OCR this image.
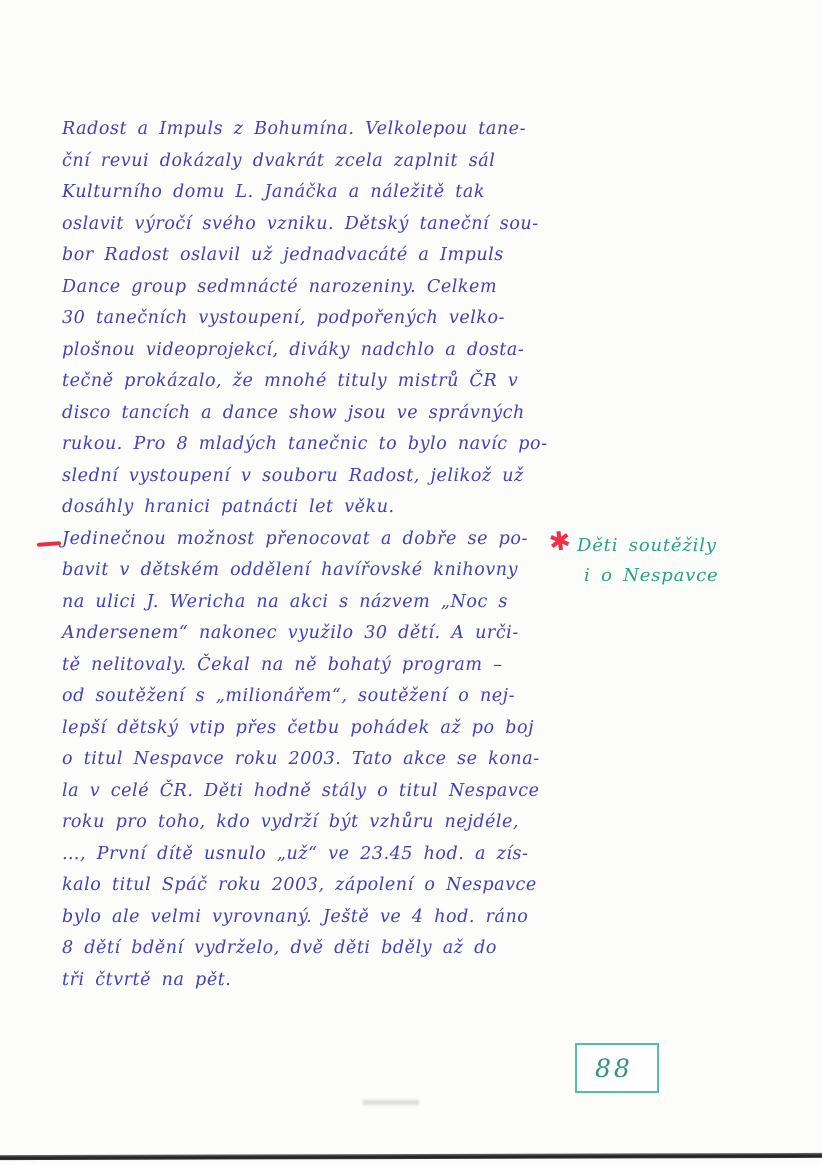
Radost a Impuls z Bohumína. Velkolepou tane-
ční revui dokázaly dvakrát zcela zaplnit sál
Kulturního domu L. Janáčka a náležitě tak
oslavit výročí svého vzniku. Dětský taneční sou-
bor Radost oslavil už jednadvacáté a Impuls
Dance group sedmnácté narozeniny. Celkem
30 tanečních vystoupení, podpořených velko-
plošnou videoprojekcí, diváky nadchlo a dosta-
tečně prokázalo, že mnohé tituly mistrů ČR v
disco tancích a dance show jsou ve správných
rukou. Pro 8 mladých tanečnic to bylo navíc po-
slední vystoupení v souboru Radost, jelikož už
dosáhly hranici patnácti let věku.
Jedinečnou možnost přenocovat a dobře se po-
bavit v dětském oddělení havířovské knihovny
na ulici J. Wericha na akci s názvem „Noc s
Andersenem“ nakonec využilo 30 dětí. A urči-
tě nelitovaly. Čekal na ně bohatý program –
od soutěžení s „milionářem“, soutěžení o nej-
lepší dětský vtip přes četbu pohádek až po boj
o titul Nespavce roku 2003. Tato akce se kona-
la v celé ČR. Děti hodně stály o titul Nespavce
roku pro toho, kdo vydrží být vzhůru nejdéle,
…, První dítě usnulo „už“ ve 23.45 hod. a zís-
kalo titul Spáč roku 2003, zápolení o Nespavce
bylo ale velmi vyrovnaný. Ještě ve 4 hod. ráno
8 dětí bdění vydrželo, dvě děti bděly až do
tři čtvrtě na pět.
✱ Děti soutěžily
i o Nespavce
88
